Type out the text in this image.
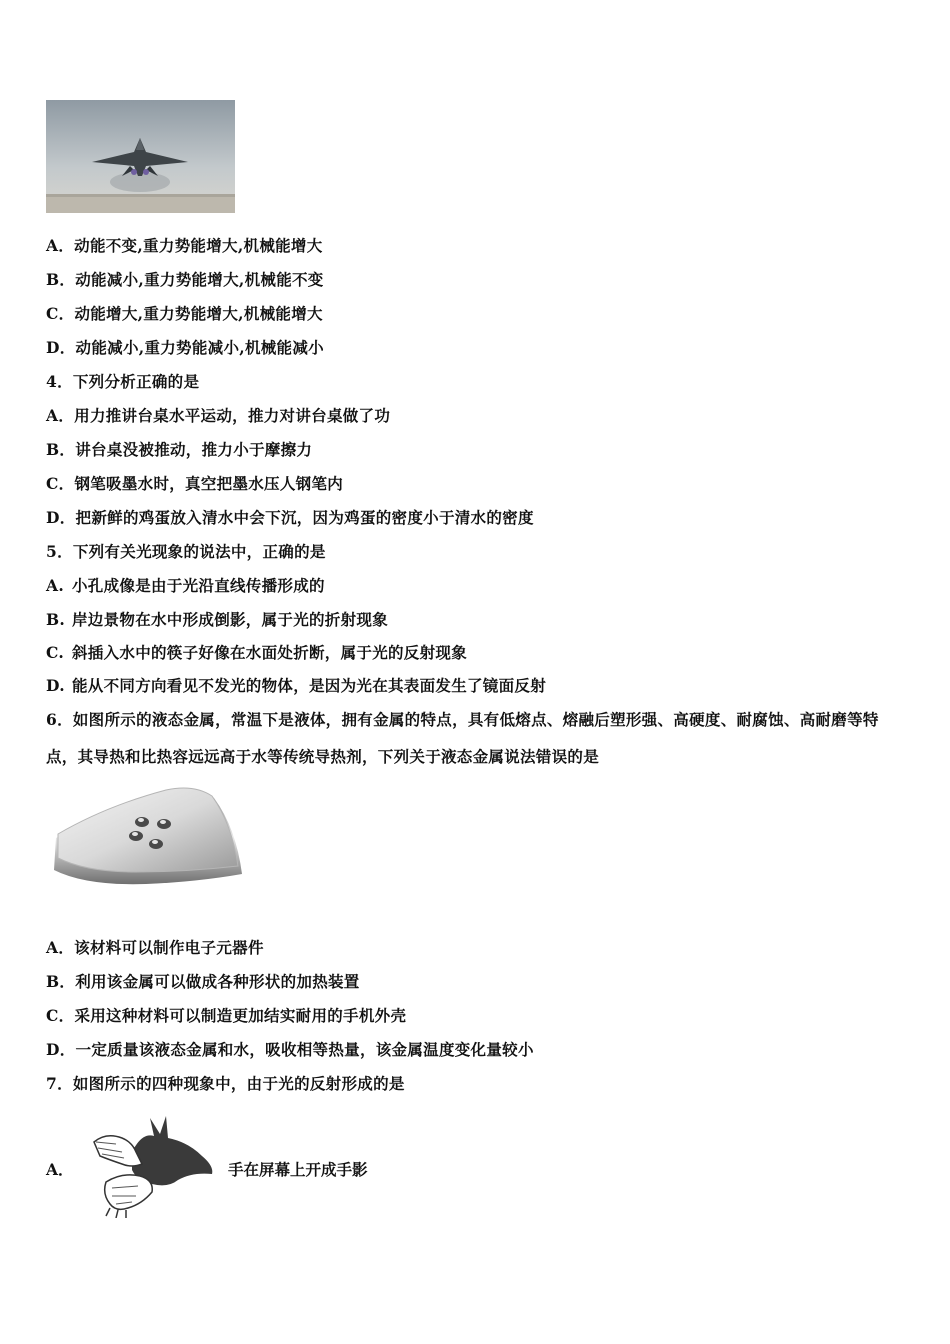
A．动能不变,重力势能增大,机械能增大
B．动能减小,重力势能增大,机械能不变
C．动能增大,重力势能增大,机械能增大
D．动能减小,重力势能减小,机械能减小
4．下列分析正确的是
A．用力推讲台桌水平运动，推力对讲台桌做了功
B．讲台桌没被推动，推力小于摩擦力
C．钢笔吸墨水时，真空把墨水压人钢笔内
D．把新鲜的鸡蛋放入清水中会下沉，因为鸡蛋的密度小于清水的密度
5．下列有关光现象的说法中，正确的是
A. 小孔成像是由于光沿直线传播形成的
B. 岸边景物在水中形成倒影，属于光的折射现象
C. 斜插入水中的筷子好像在水面处折断，属于光的反射现象
D. 能从不同方向看见不发光的物体，是因为光在其表面发生了镜面反射
6．如图所示的液态金属，常温下是液体，拥有金属的特点，具有低熔点、熔融后塑形强、高硬度、耐腐蚀、高耐磨等特
点，其导热和比热容远远高于水等传统导热剂，下列关于液态金属说法错误的是
A．该材料可以制作电子元器件
B．利用该金属可以做成各种形状的加热装置
C．采用这种材料可以制造更加结实耐用的手机外壳
D．一定质量该液态金属和水，吸收相等热量，该金属温度变化量较小
7．如图所示的四种现象中，由于光的反射形成的是
A．	手在屏幕上开成手影
